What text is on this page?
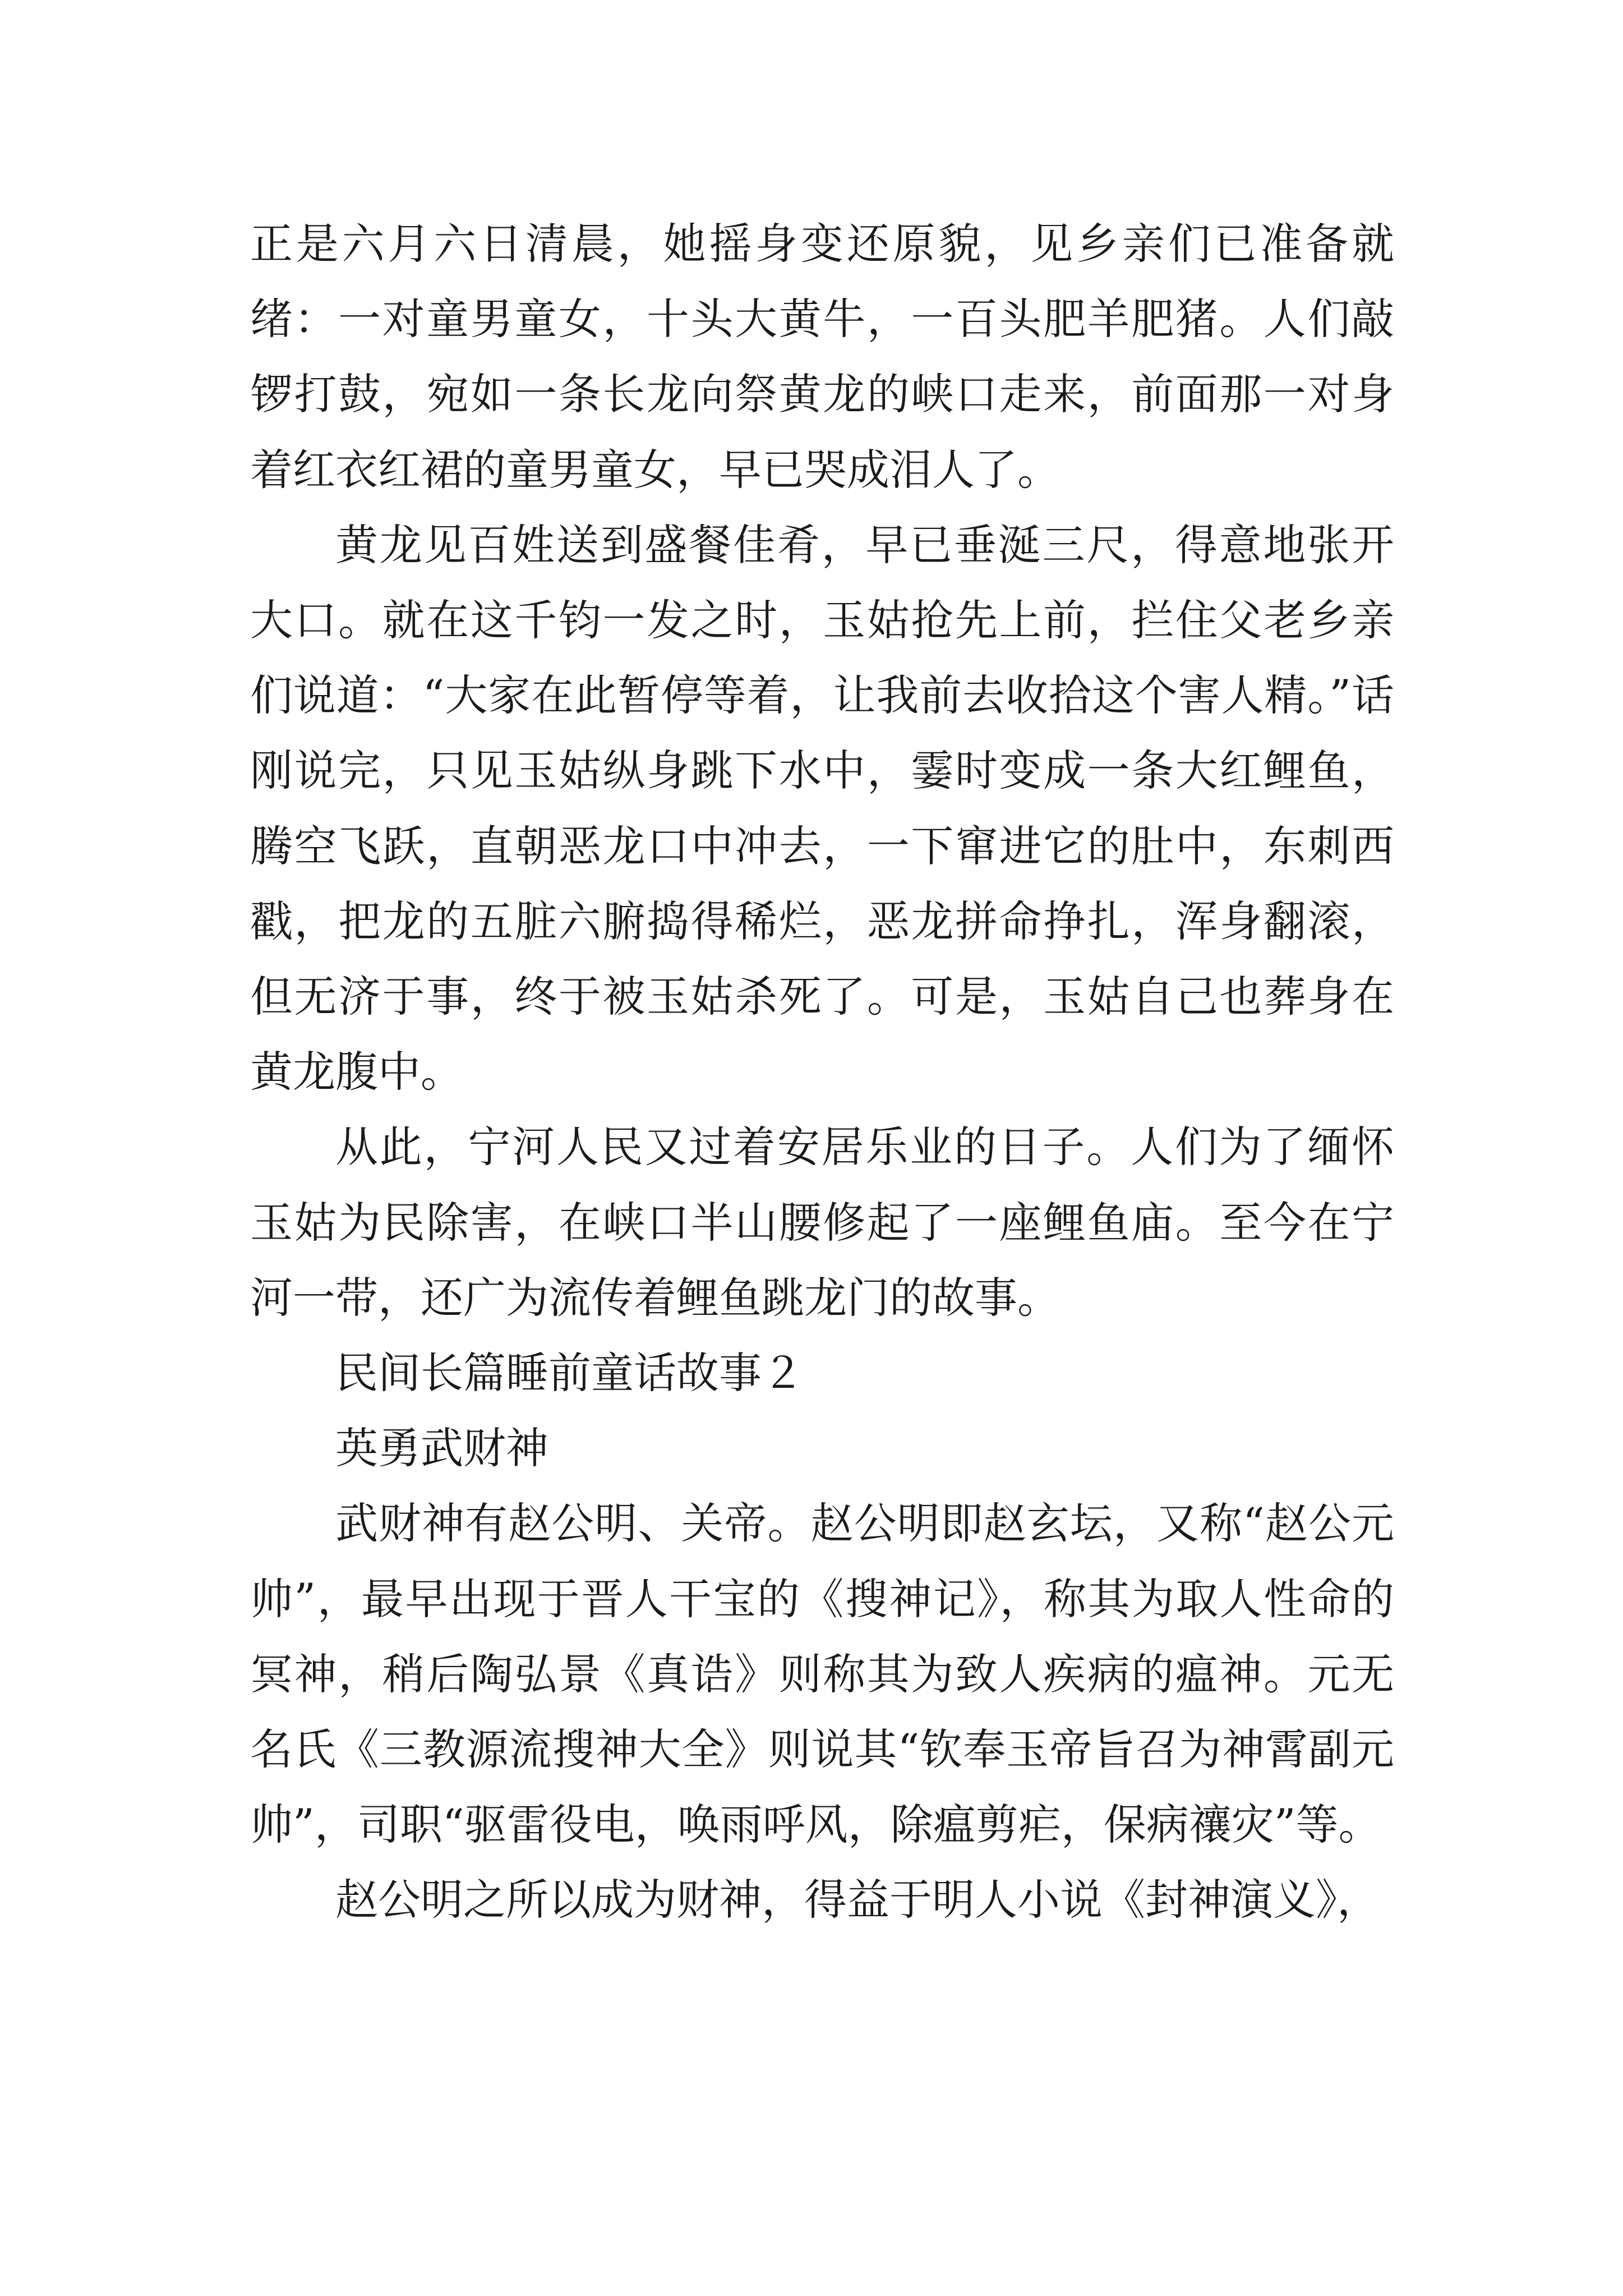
正是六月六日清晨，她摇身变还原貌，见乡亲们已准备就绪：一对童男童女，十头大黄牛，一百头肥羊肥猪。人们敲锣打鼓，宛如一条长龙向祭黄龙的峡口走来，前面那一对身着红衣红裙的童男童女，早已哭成泪人了。

黄龙见百姓送到盛餐佳肴，早已垂涎三尺，得意地张开大口。就在这千钧一发之时，玉姑抢先上前，拦住父老乡亲们说道：“大家在此暂停等着，让我前去收拾这个害人精。”话刚说完，只见玉姑纵身跳下水中，霎时变成一条大红鲤鱼，腾空飞跃，直朝恶龙口中冲去，一下窜进它的肚中，东刺西戳，把龙的五脏六腑捣得稀烂，恶龙拼命挣扎，浑身翻滚，但无济于事，终于被玉姑杀死了。可是，玉姑自己也葬身在黄龙腹中。

从此，宁河人民又过着安居乐业的日子。人们为了缅怀玉姑为民除害，在峡口半山腰修起了一座鲤鱼庙。至今在宁河一带，还广为流传着鲤鱼跳龙门的故事。

民间长篇睡前童话故事２

英勇武财神

武财神有赵公明、关帝。赵公明即赵玄坛，又称“赵公元帅”，最早出现于晋人干宝的《搜神记》，称其为取人性命的冥神，稍后陶弘景《真诰》则称其为致人疾病的瘟神。元无名氏《三教源流搜神大全》则说其“钦奉玉帝旨召为神霄副元帅”，司职“驱雷役电，唤雨呼风，除瘟剪疟，保病禳灾”等。

赵公明之所以成为财神，得益于明人小说《封神演义》，
